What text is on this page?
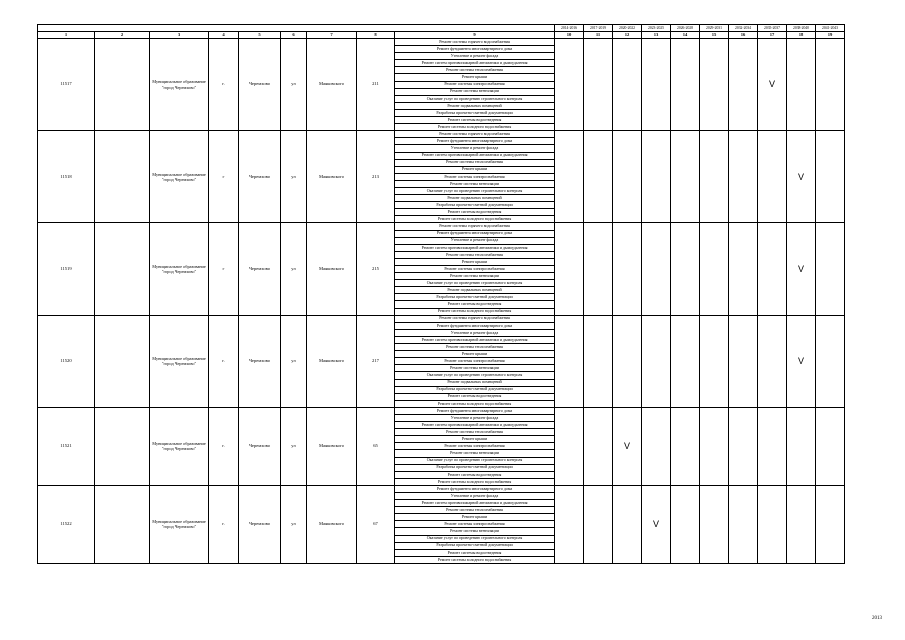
									2014-2016	2017-2019	2020-2022	2023-2025	2026-2028	2029-2031	2032-2034	2035-2037	2038-2040	2041-2043
1	2	3	4	5	6	7	8	9	10	11	12	13	14	15	16	17	18	19
11517		Муниципальное образование "город Черемхово"	г.	Черемхово	ул	Маяковского	211	Ремонт системы горячего водоснабжения								V		
								Ремонт фундамента многоквартирного дома										
								Утепление и ремонт фасада										
								Ремонт систем противопожарной автоматики и дымоудаления										
								Ремонт системы теплоснабжения										
								Ремонт крыши										
								Ремонт системы электроснабжения										
								Ремонт системы вентиляции										
								Оказание услуг по проведению строительного контроля										
								Ремонт подвальных помещений										
								Разработка проектно-сметной документации										
								Ремонт системы водоотведения										
								Ремонт системы холодного водоснабжения										
11518		Муниципальное образование "город Черемхово"	г	Черемхово	ул	Маяковского	213	Ремонт системы горячего водоснабжения									V	
								Ремонт фундамента многоквартирного дома										
								Утепление и ремонт фасада										
								Ремонт систем противопожарной автоматики и дымоудаления										
								Ремонт системы теплоснабжения										
								Ремонт крыши										
								Ремонт системы электроснабжения										
								Ремонт системы вентиляции										
								Оказание услуг по проведению строительного контроля										
								Ремонт подвальных помещений										
								Разработка проектно-сметной документации										
								Ремонт системы водоотведения										
								Ремонт системы холодного водоснабжения										
11519		Муниципальное образование "город Черемхово"	г	Черемхово	ул	Маяковского	215	Ремонт системы горячего водоснабжения									V	
								Ремонт фундамента многоквартирного дома										
								Утепление и ремонт фасада										
								Ремонт систем противопожарной автоматики и дымоудаления										
								Ремонт системы теплоснабжения										
								Ремонт крыши										
								Ремонт системы электроснабжения										
								Ремонт системы вентиляции										
								Оказание услуг по проведению строительного контроля										
								Ремонт подвальных помещений										
								Разработка проектно-сметной документации										
								Ремонт системы водоотведения										
								Ремонт системы холодного водоснабжения										
11520		Муниципальное образование "город Черемхово"	г.	Черемхово	ул	Маяковского	217	Ремонт системы горячего водоснабжения									V	
								Ремонт фундамента многоквартирного дома										
								Утепление и ремонт фасада										
								Ремонт систем противопожарной автоматики и дымоудаления										
								Ремонт системы теплоснабжения										
								Ремонт крыши										
								Ремонт системы электроснабжения										
								Ремонт системы вентиляции										
								Оказание услуг по проведению строительного контроля										
								Ремонт подвальных помещений										
								Разработка проектно-сметной документации										
								Ремонт системы водоотведения										
								Ремонт системы холодного водоснабжения										
11521		Муниципальное образование "город Черемхово"	г.	Черемхово	ул	Маяковского	65	Ремонт фундамента многоквартирного дома			V							
								Утепление и ремонт фасада										
								Ремонт систем противопожарной автоматики и дымоудаления										
								Ремонт системы теплоснабжения										
								Ремонт крыши										
								Ремонт системы электроснабжения										
								Ремонт системы вентиляции										
								Оказание услуг по проведению строительного контроля										
								Разработка проектно-сметной документации										
								Ремонт системы водоотведения										
								Ремонт системы холодного водоснабжения										
11522		Муниципальное образование "город Черемхово"	г.	Черемхово	ул	Маяковского	67	Ремонт фундамента многоквартирного дома				V						
								Утепление и ремонт фасада										
								Ремонт систем противопожарной автоматики и дымоудаления										
								Ремонт системы теплоснабжения										
								Ремонт крыши										
								Ремонт системы электроснабжения										
								Ремонт системы вентиляции										
								Оказание услуг по проведению строительного контроля										
								Разработка проектно-сметной документации										
								Ремонт системы водоотведения										
								Ремонт системы холодного водоснабжения										
2013
